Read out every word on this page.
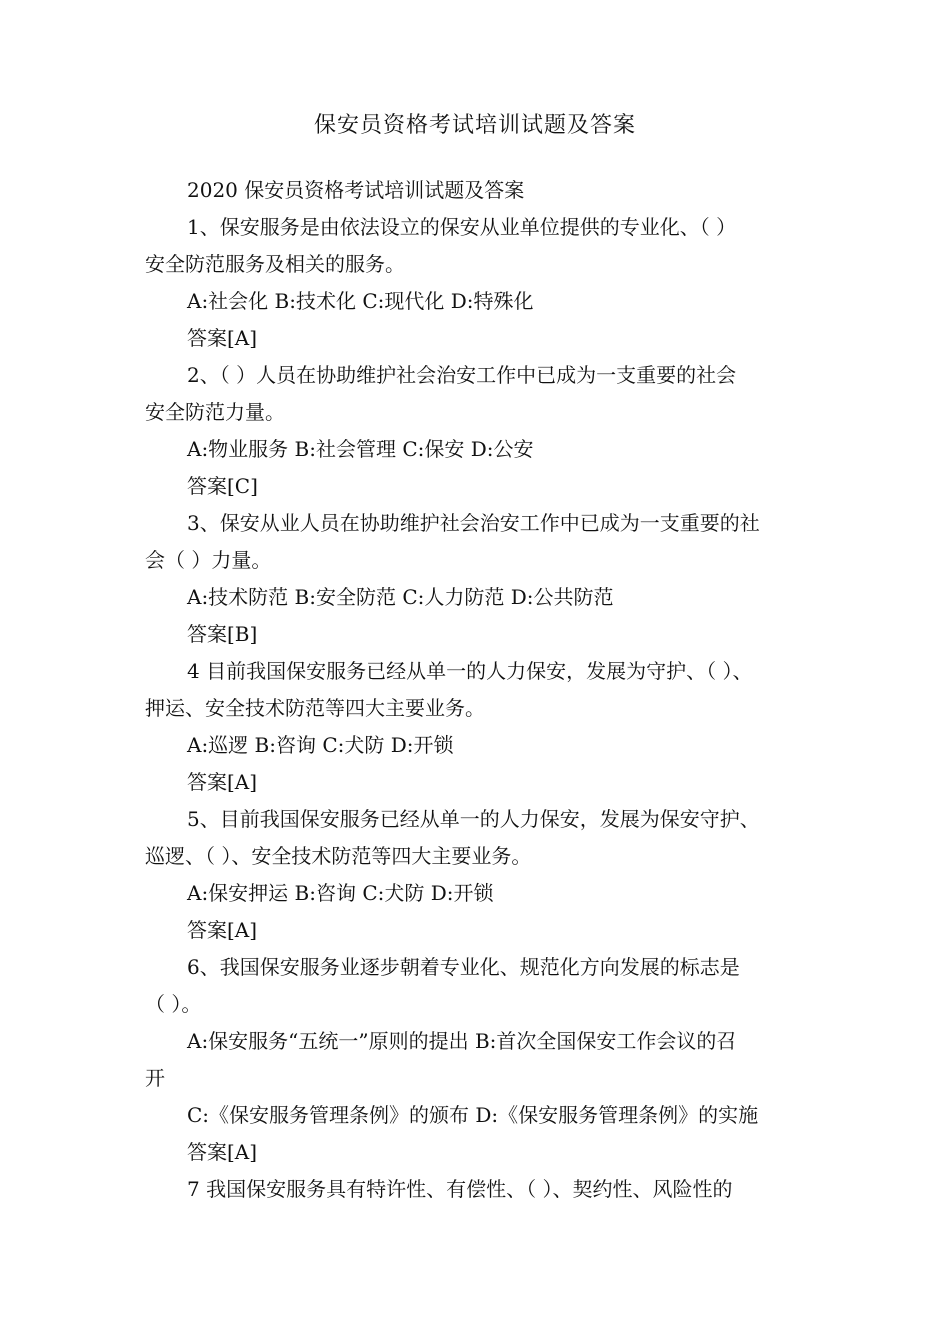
保安员资格考试培训试题及答案

2020 保安员资格考试培训试题及答案

1、保安服务是由依法设立的保安从业单位提供的专业化、（ ）

安全防范服务及相关的服务。

A:社会化 B:技术化 C:现代化 D:特殊化

答案[A]

2、（ ）人员在协助维护社会治安工作中已成为一支重要的社会

安全防范力量。

A:物业服务 B:社会管理 C:保安 D:公安

答案[C]

3、保安从业人员在协助维护社会治安工作中已成为一支重要的社

会（ ）力量。

A:技术防范 B:安全防范 C:人力防范 D:公共防范

答案[B]

4 目前我国保安服务已经从单一的人力保安，发展为守护、（ ）、

押运、安全技术防范等四大主要业务。

A:巡逻 B:咨询 C:犬防 D:开锁

答案[A]

5、目前我国保安服务已经从单一的人力保安，发展为保安守护、

巡逻、（ ）、安全技术防范等四大主要业务。

A:保安押运 B:咨询 C:犬防 D:开锁

答案[A]

6、我国保安服务业逐步朝着专业化、规范化方向发展的标志是

（ ）。

A:保安服务“五统一”原则的提出 B:首次全国保安工作会议的召

开

C:《保安服务管理条例》的颁布 D:《保安服务管理条例》的实施

答案[A]

7 我国保安服务具有特许性、有偿性、（ ）、契约性、风险性的
